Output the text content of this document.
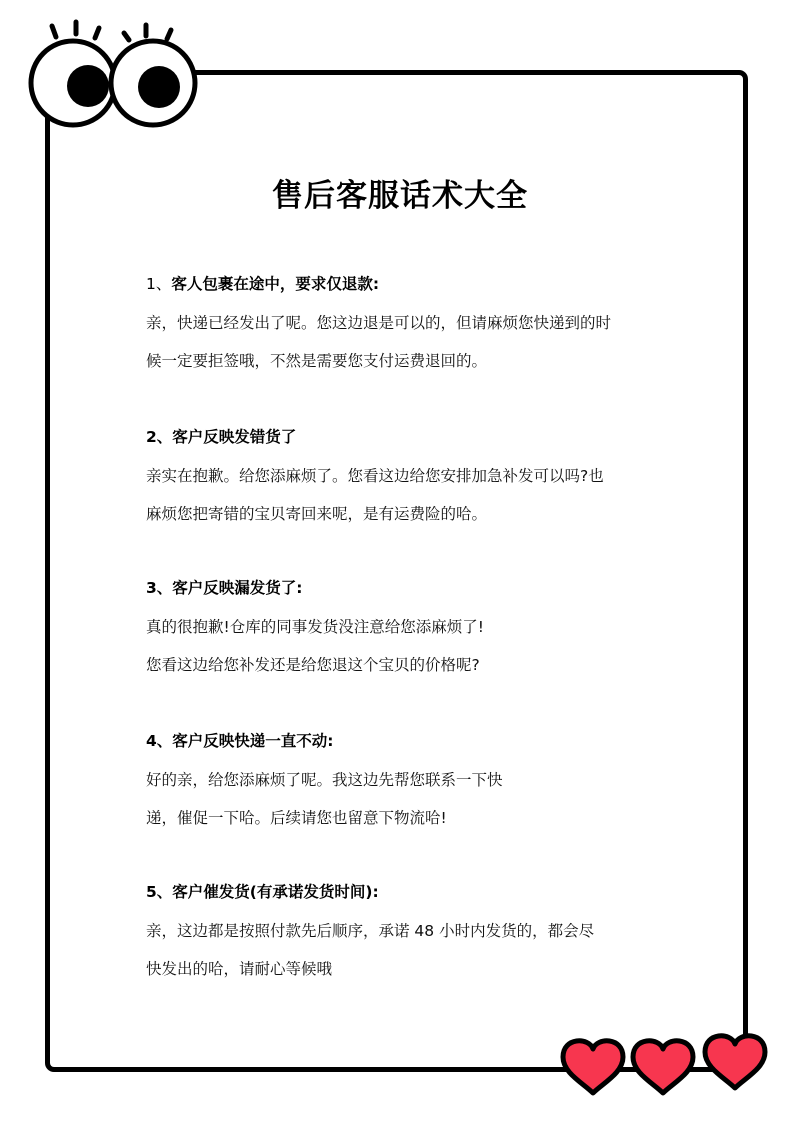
售后客服话术大全
1、客人包裹在途中，要求仅退款:

亲，快递已经发出了呢。您这边退是可以的，但请麻烦您快递到的时

候一定要拒签哦，不然是需要您支付运费退回的。

2、客户反映发错货了

亲实在抱歉。给您添麻烦了。您看这边给您安排加急补发可以吗?也

麻烦您把寄错的宝贝寄回来呢，是有运费险的哈。

3、客户反映漏发货了:

真的很抱歉!仓库的同事发货没注意给您添麻烦了!

您看这边给您补发还是给您退这个宝贝的价格呢?

4、客户反映快递一直不动:

好的亲，给您添麻烦了呢。我这边先帮您联系一下快

递，催促一下哈。后续请您也留意下物流哈!

5、客户催发货(有承诺发货时间):

亲，这边都是按照付款先后顺序，承诺 48 小时内发货的，都会尽

快发出的哈，请耐心等候哦
